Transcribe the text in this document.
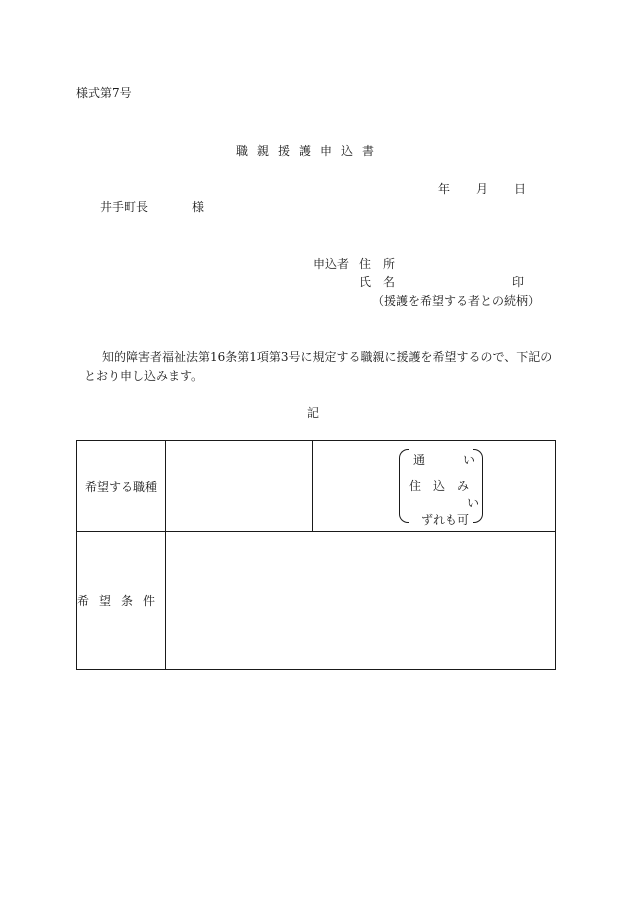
様式第7号
職親援護申込書
年 月 日
井手町長	様
申込者 住　所
氏　名	印
（援護を希望する者との続柄）
知的障害者福祉法第16条第1項第3号に規定する職親に援護を希望するので、下記のとおり申し込みます。
記
希望する職種		通 い
住　込　み
い
ずれも可

希望条件		
